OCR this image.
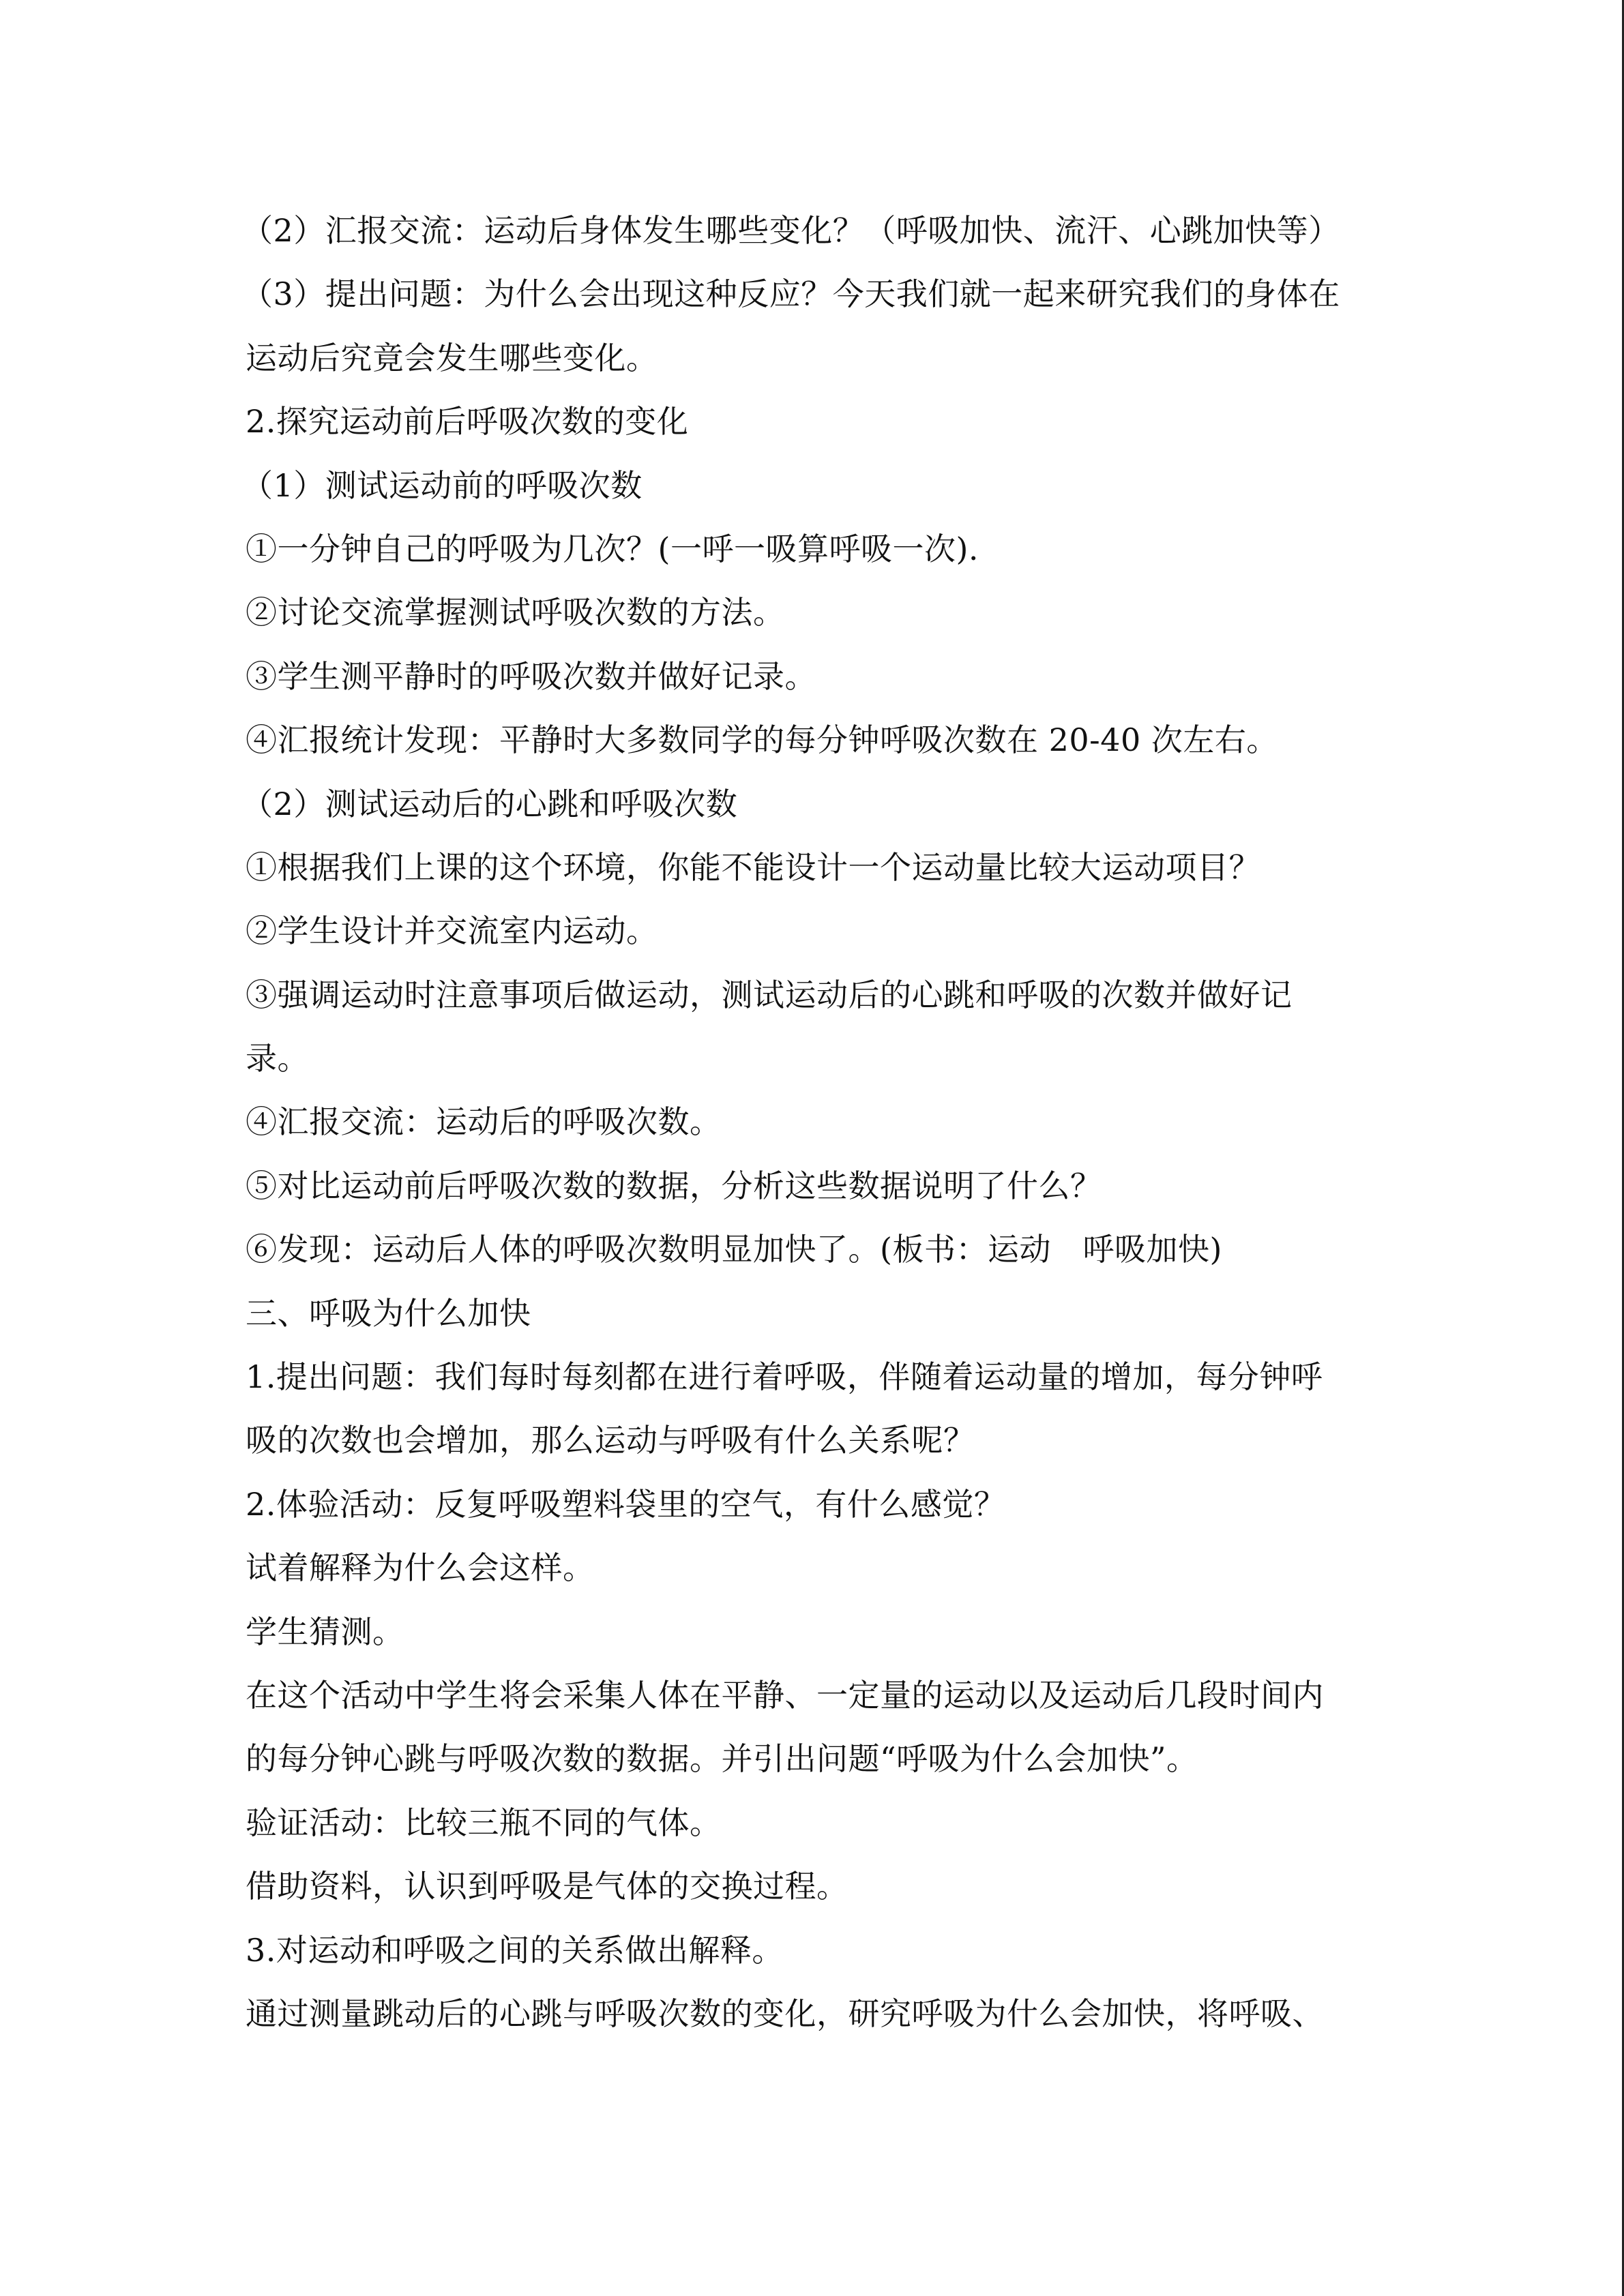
（2）汇报交流：运动后身体发生哪些变化？（呼吸加快、流汗、心跳加快等）
（3）提出问题：为什么会出现这种反应？今天我们就一起来研究我们的身体在
运动后究竟会发生哪些变化。
2.探究运动前后呼吸次数的变化
（1）测试运动前的呼吸次数
①一分钟自己的呼吸为几次？(一呼一吸算呼吸一次).
②讨论交流掌握测试呼吸次数的方法。
③学生测平静时的呼吸次数并做好记录。
④汇报统计发现：平静时大多数同学的每分钟呼吸次数在 20-40 次左右。
（2）测试运动后的心跳和呼吸次数
①根据我们上课的这个环境，你能不能设计一个运动量比较大运动项目？
②学生设计并交流室内运动。
③强调运动时注意事项后做运动，测试运动后的心跳和呼吸的次数并做好记
录。
④汇报交流：运动后的呼吸次数。
⑤对比运动前后呼吸次数的数据，分析这些数据说明了什么？
⑥发现：运动后人体的呼吸次数明显加快了。(板书：运动　呼吸加快)
三、呼吸为什么加快
1.提出问题：我们每时每刻都在进行着呼吸，伴随着运动量的增加，每分钟呼
吸的次数也会增加，那么运动与呼吸有什么关系呢？
2.体验活动：反复呼吸塑料袋里的空气，有什么感觉？
试着解释为什么会这样。
学生猜测。
在这个活动中学生将会采集人体在平静、一定量的运动以及运动后几段时间内
的每分钟心跳与呼吸次数的数据。并引出问题“呼吸为什么会加快”。
验证活动：比较三瓶不同的气体。
借助资料，认识到呼吸是气体的交换过程。
3.对运动和呼吸之间的关系做出解释。
通过测量跳动后的心跳与呼吸次数的变化，研究呼吸为什么会加快，将呼吸、
